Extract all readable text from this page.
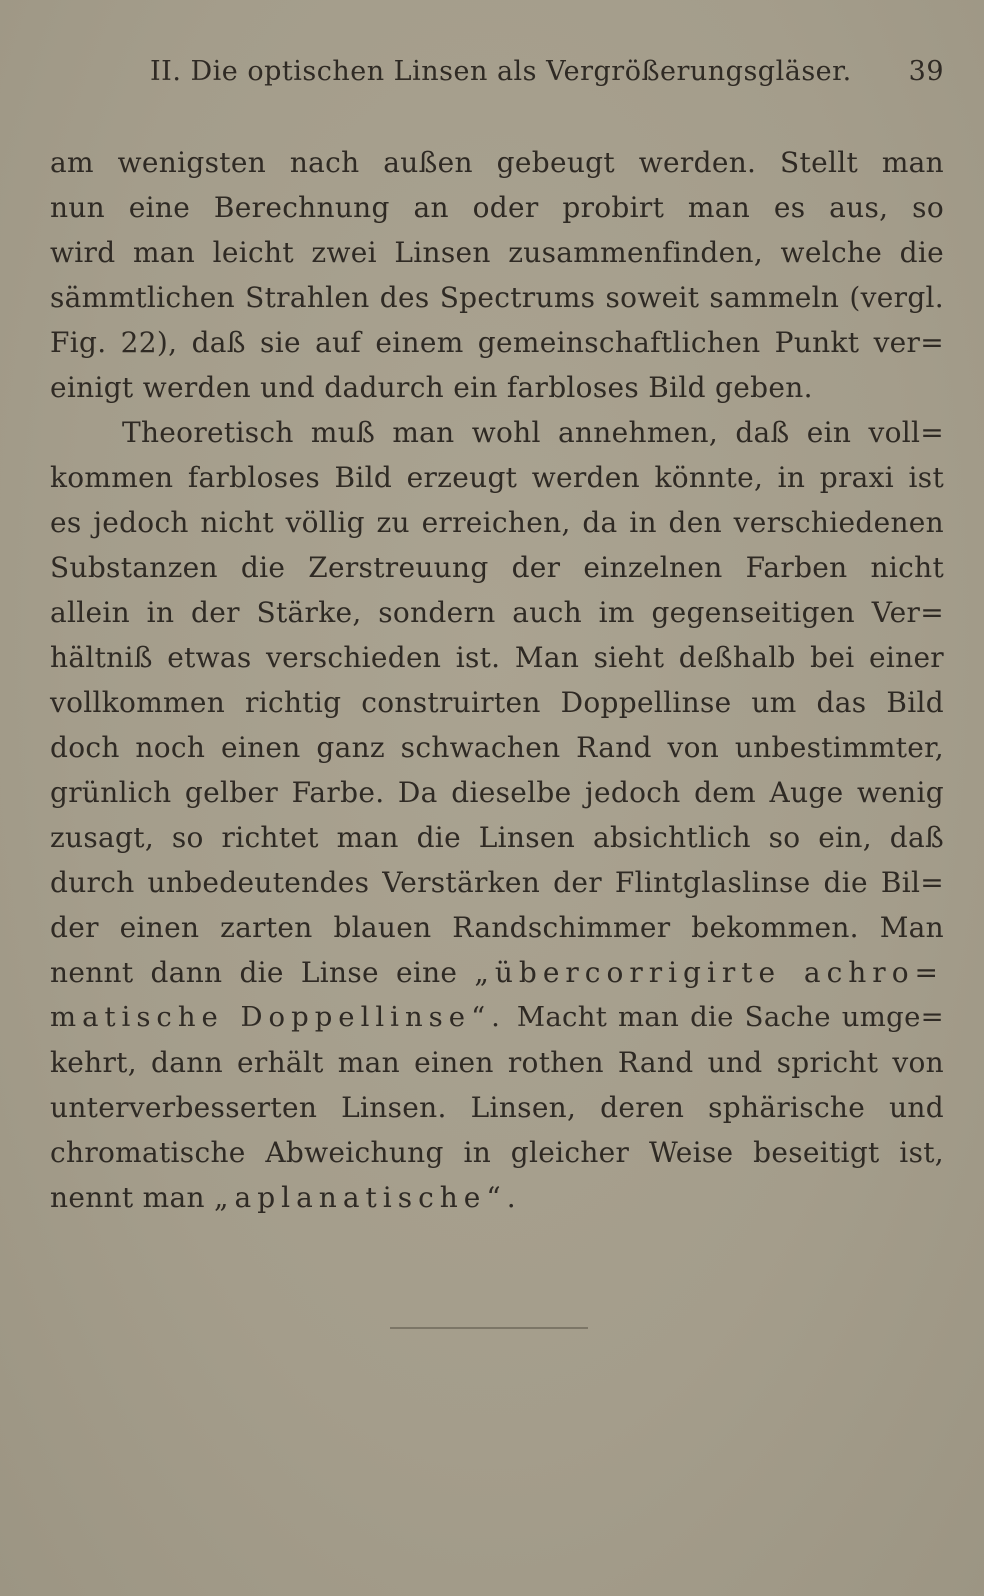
II. Die optischen Linsen als Vergrößerungsgläser. 39
am wenigsten nach außen gebeugt werden. Stellt man
nun eine Berechnung an oder probirt man es aus, so
wird man leicht zwei Linsen zusammenfinden, welche die
sämmtlichen Strahlen des Spectrums soweit sammeln (vergl.
Fig. 22), daß sie auf einem gemeinschaftlichen Punkt ver=
einigt werden und dadurch ein farbloses Bild geben.
Theoretisch muß man wohl annehmen, daß ein voll=
kommen farbloses Bild erzeugt werden könnte, in praxi ist
es jedoch nicht völlig zu erreichen, da in den verschiedenen
Substanzen die Zerstreuung der einzelnen Farben nicht
allein in der Stärke, sondern auch im gegenseitigen Ver=
hältniß etwas verschieden ist. Man sieht deßhalb bei einer
vollkommen richtig construirten Doppellinse um das Bild
doch noch einen ganz schwachen Rand von unbestimmter,
grünlich gelber Farbe. Da dieselbe jedoch dem Auge wenig
zusagt, so richtet man die Linsen absichtlich so ein, daß
durch unbedeutendes Verstärken der Flintglaslinse die Bil=
der einen zarten blauen Randschimmer bekommen. Man
nennt dann die Linse eine „übercorrigirte achro=
matische Doppellinse“. Macht man die Sache umge=
kehrt, dann erhält man einen rothen Rand und spricht von
unterverbesserten Linsen. Linsen, deren sphärische und
chromatische Abweichung in gleicher Weise beseitigt ist,
nennt man „aplanatische“.
